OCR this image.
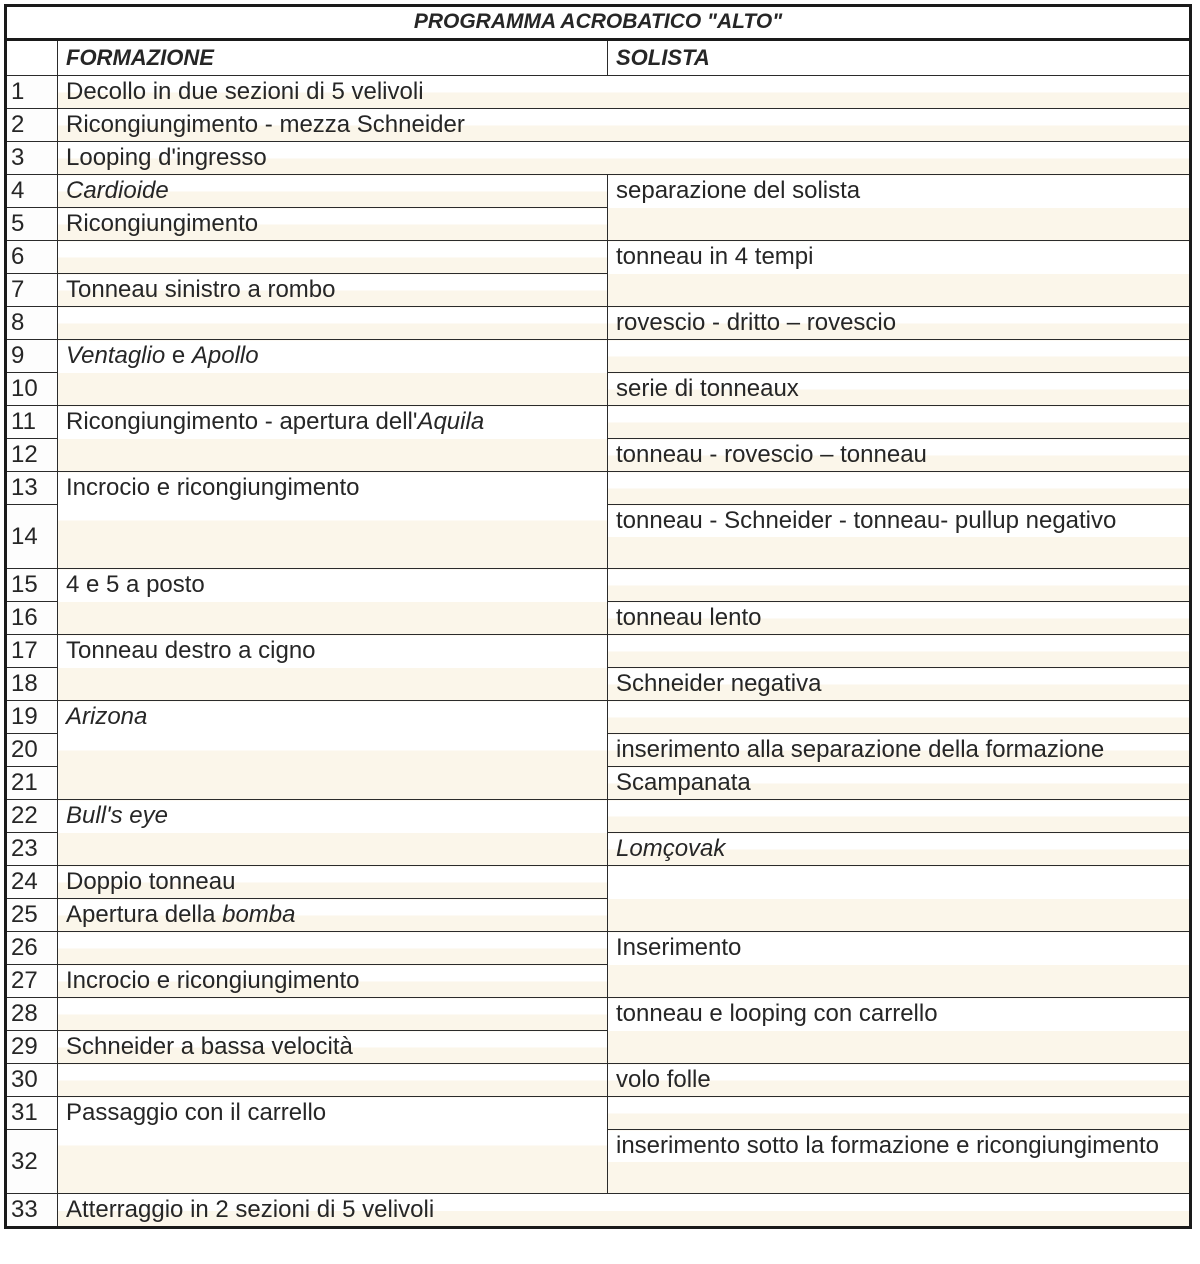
PROGRAMMA ACROBATICO "ALTO"		
	FORMAZIONE	SOLISTA
1	Decollo in due sezioni di 5 velivoli	
2	Ricongiungimento - mezza Schneider	
3	Looping d'ingresso	
4	Cardioide	separazione del solista
5	Ricongiungimento	
6		tonneau in 4 tempi
7	Tonneau sinistro a rombo	
8		rovescio - dritto – rovescio
9	Ventaglio e Apollo	
10		serie di tonneaux
11	Ricongiungimento - apertura dell'Aquila	
12		tonneau - rovescio – tonneau
13	Incrocio e ricongiungimento	
14		tonneau - Schneider - tonneau- pullup negativo
15	4 e 5 a posto	
16		tonneau lento
17	Tonneau destro a cigno	
18		Schneider negativa
19	Arizona	
20		inserimento alla separazione della formazione
21		Scampanata
22	Bull's eye	
23		Lomçovak
24	Doppio tonneau	
25	Apertura della bomba	
26		Inserimento
27	Incrocio e ricongiungimento	
28		tonneau e looping con carrello
29	Schneider a bassa velocità	
30		volo folle
31	Passaggio con il carrello	
32		inserimento sotto la formazione e ricongiungimento
33	Atterraggio in 2 sezioni di 5 velivoli	
